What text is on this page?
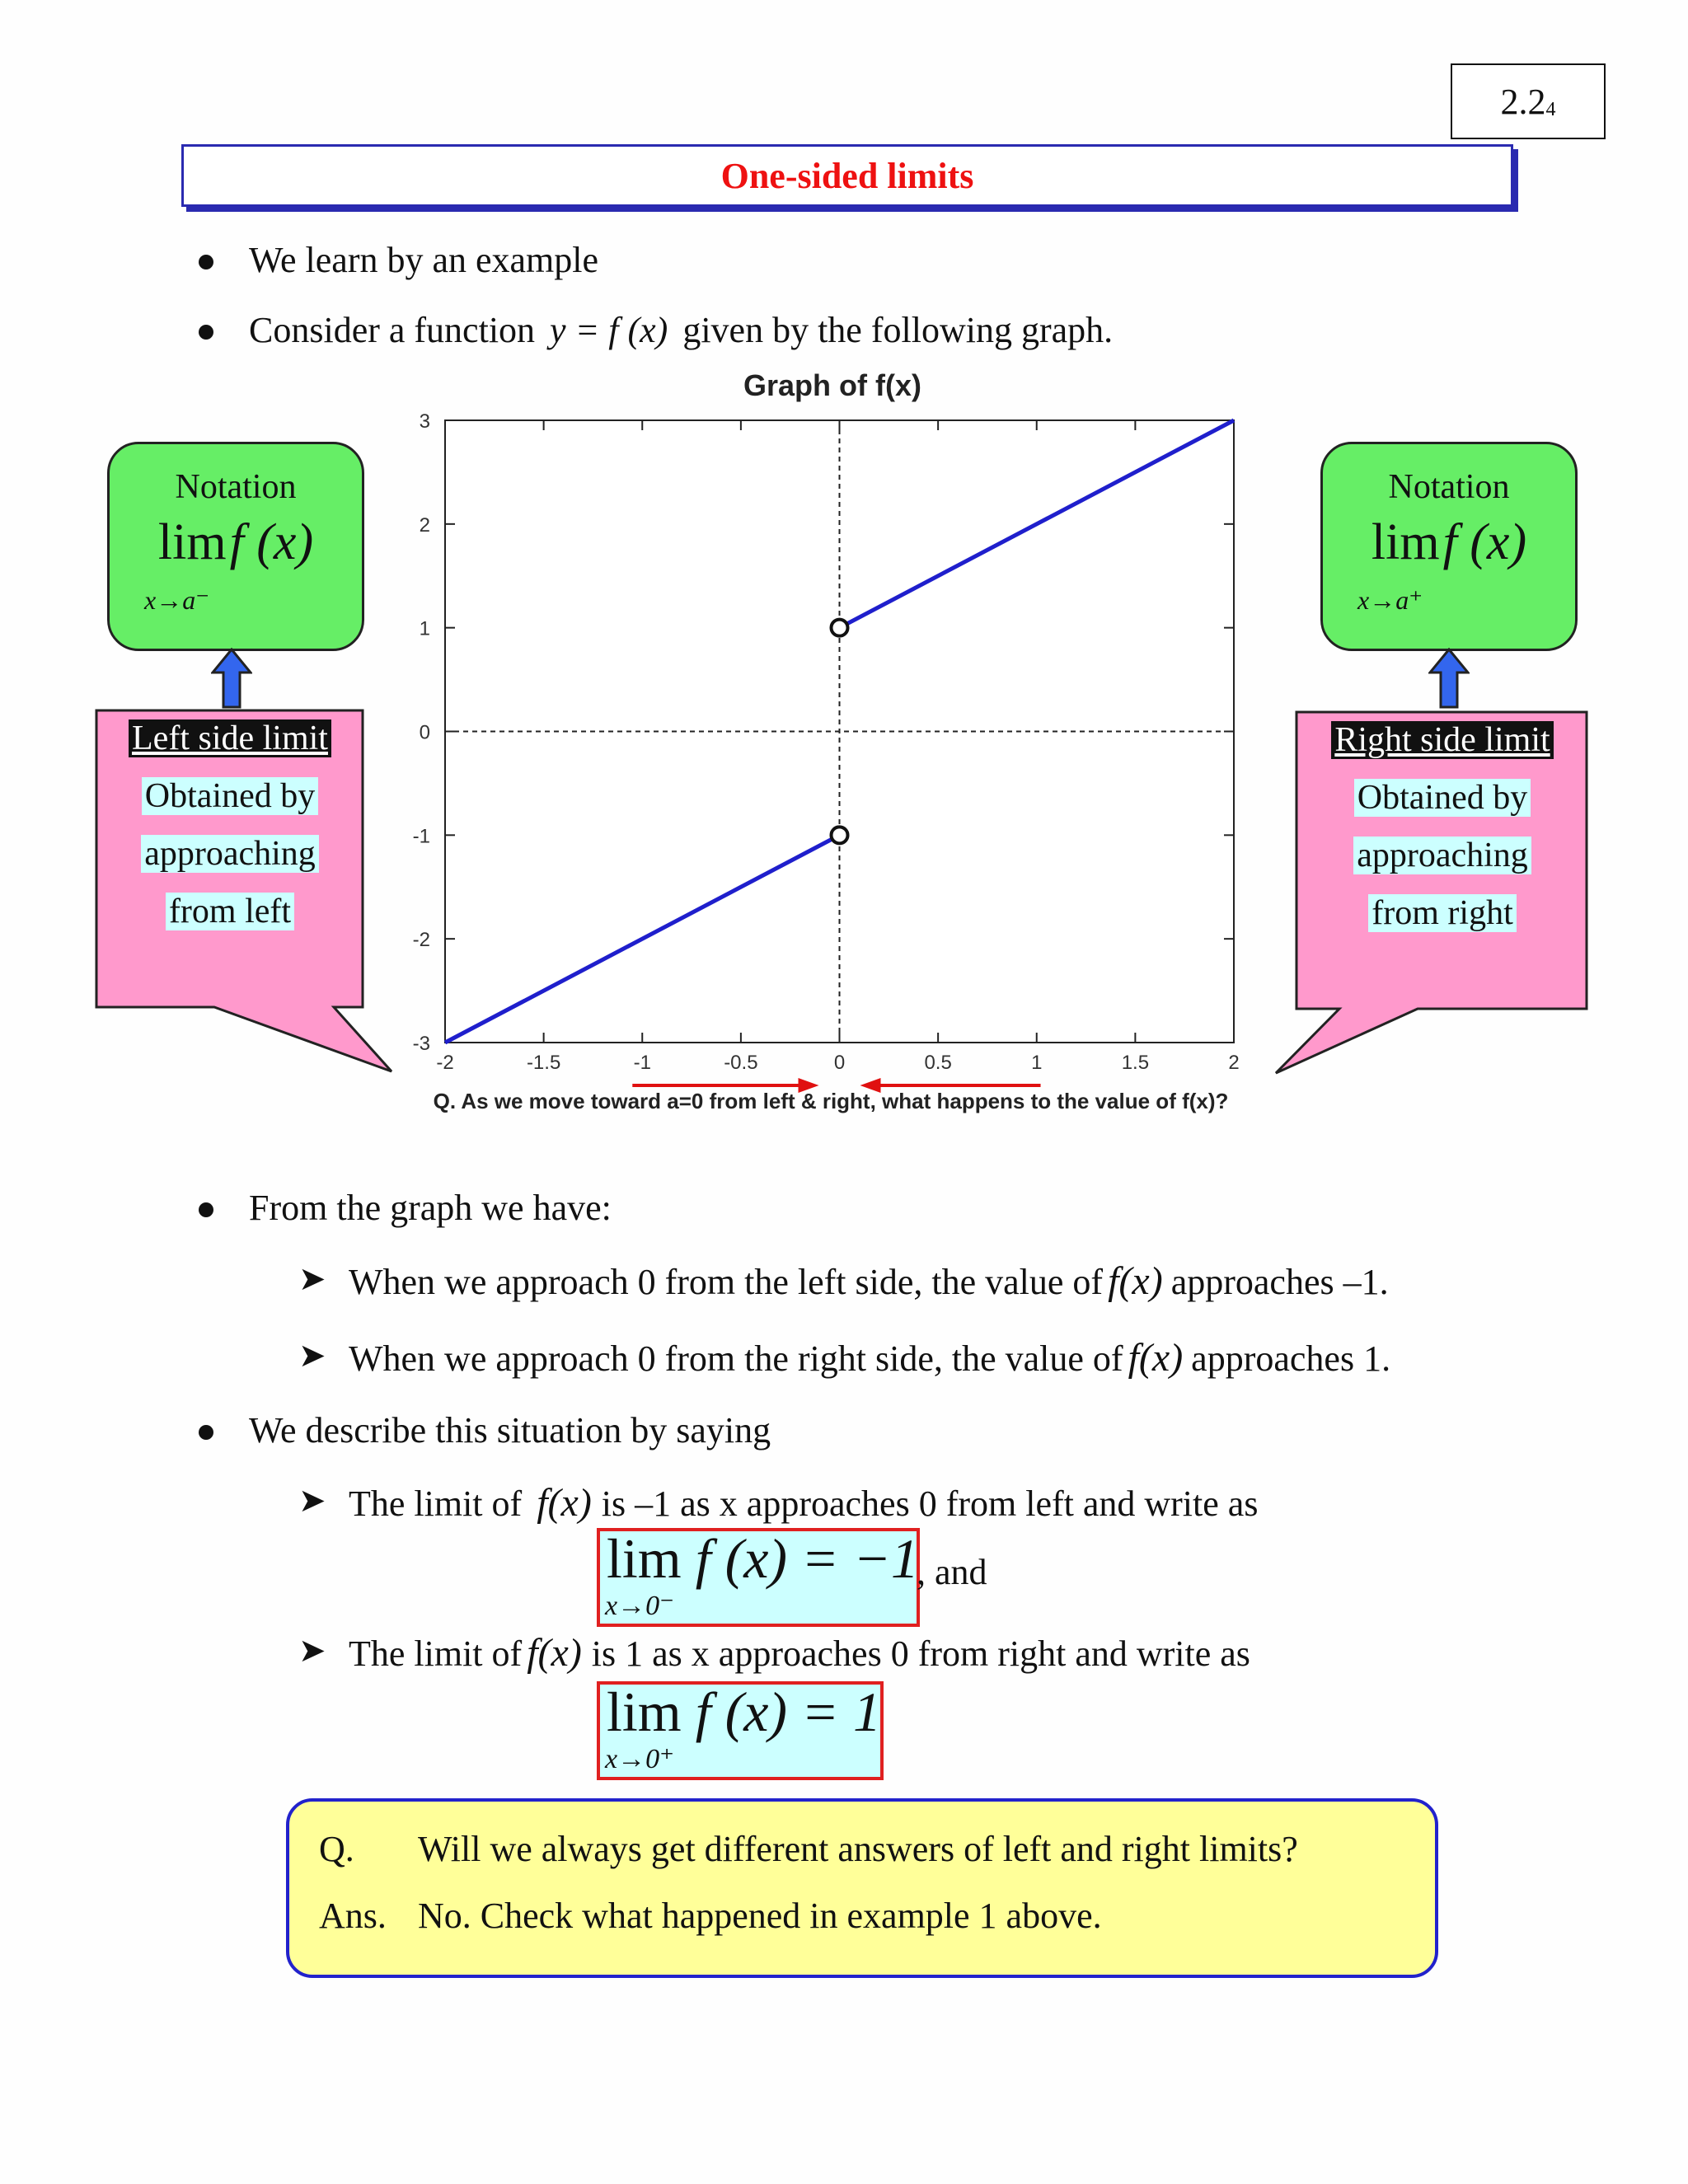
$2.2_4$
One-sided limits
We learn by an example
Consider a function y = f (x) given by the following graph.
Graph of f(x)
-2	-1.5	-1	-0.5	0	0.5	1	1.5	2
3
2
1
0
-1
-2
-3
Q. As we move toward a=0 from left & right, what happens to the value of f(x)?
Notation
lim f (x)
x→a⁻
Left side limit
Obtained by
approaching
from left
Notation
lim f (x)
x→a⁺
Right side limit
Obtained by
approaching
from right
From the graph we have:
➤ When we approach 0 from the left side, the value of f(x) approaches –1.
➤ When we approach 0 from the right side, the value of f(x) approaches 1.
We describe this situation by saying
➤ The limit of f(x) is –1 as x approaches 0 from left and write as
lim f (x) = −1
x→0⁻
, and
➤ The limit of f(x) is 1 as x approaches 0 from right and write as
lim f (x) = 1
x→0⁺
Q. Will we always get different answers of left and right limits?
Ans. No. Check what happened in example 1 above.
